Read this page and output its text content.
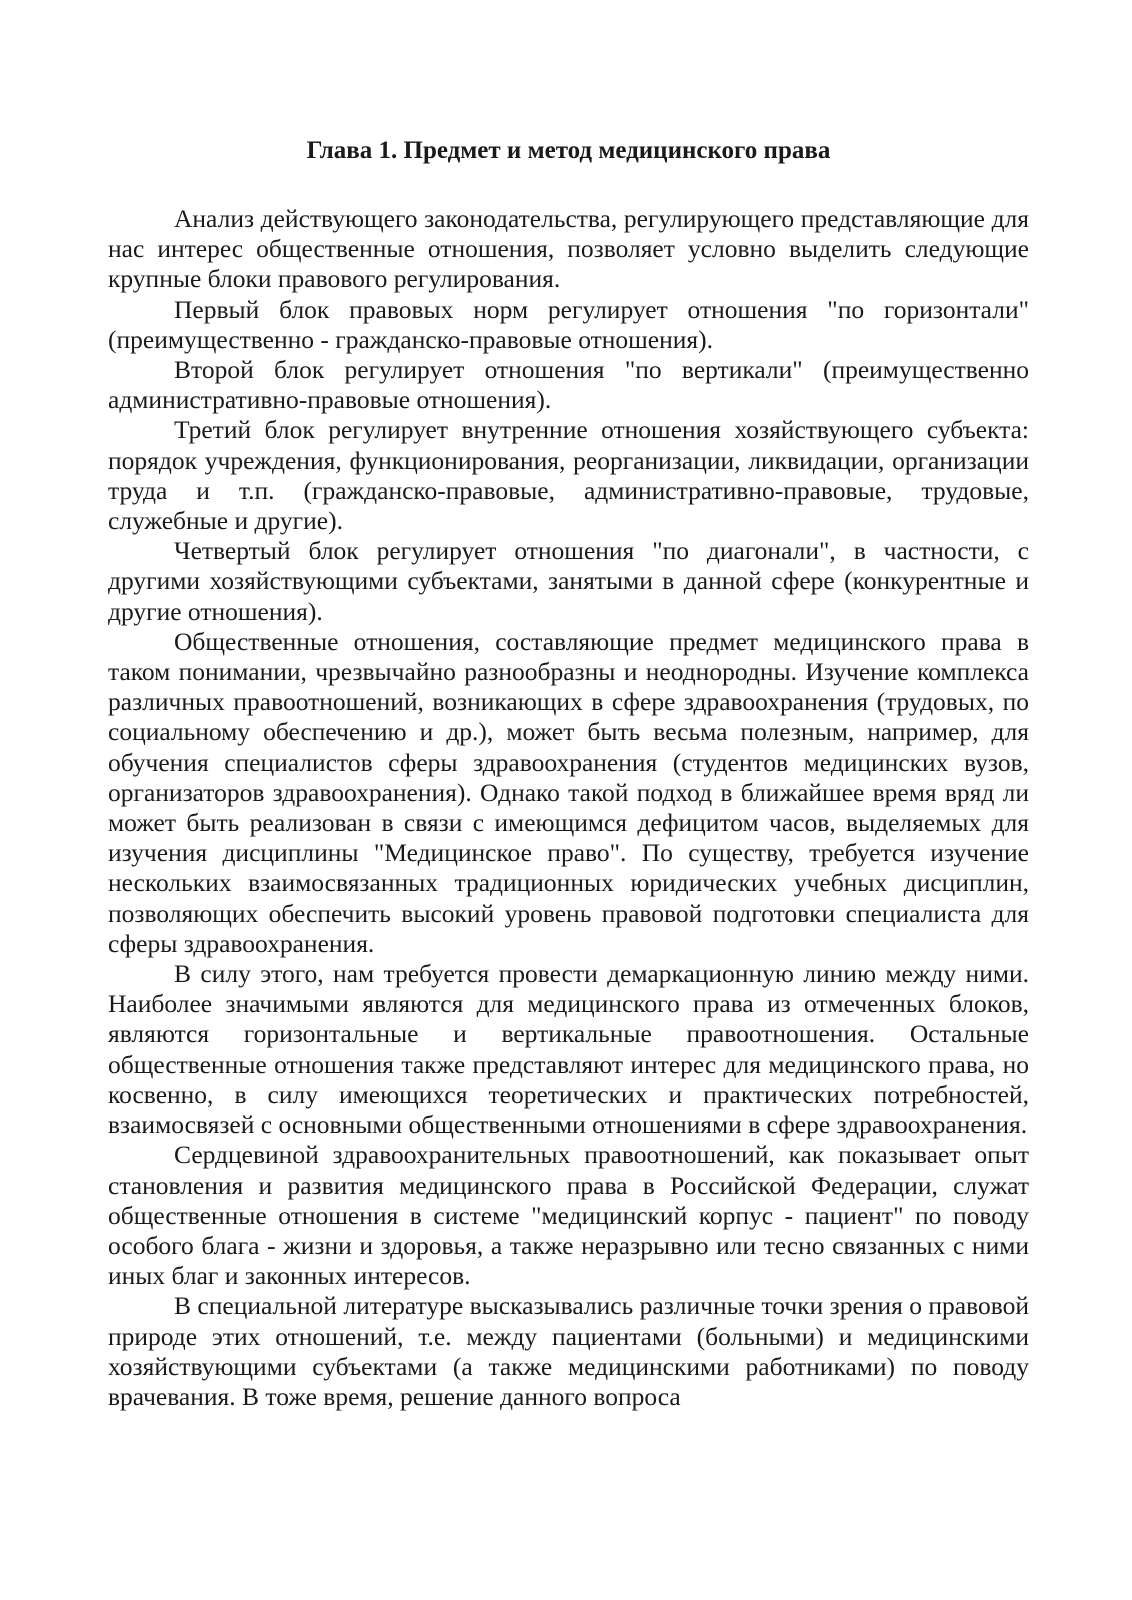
Глава 1. Предмет и метод медицинского права

Анализ действующего законодательства, регулирующего представляющие для нас интерес общественные отношения, позволяет условно выделить следующие крупные блоки правового регулирования.

Первый блок правовых норм регулирует отношения "по горизонтали" (преимущественно - гражданско-правовые отношения).

Второй блок регулирует отношения "по вертикали" (преимущественно административно-правовые отношения).

Третий блок регулирует внутренние отношения хозяйствующего субъекта: порядок учреждения, функционирования, реорганизации, ликвидации, организации труда и т.п. (гражданско-правовые, административно-правовые, трудовые, служебные и другие).

Четвертый блок регулирует отношения "по диагонали", в частности, с другими хозяйствующими субъектами, занятыми в данной сфере (конкурентные и другие отношения).

Общественные отношения, составляющие предмет медицинского права в таком понимании, чрезвычайно разнообразны и неоднородны. Изучение комплекса различных правоотношений, возникающих в сфере здравоохранения (трудовых, по социальному обеспечению и др.), может быть весьма полезным, например, для обучения специалистов сферы здравоохранения (студентов медицинских вузов, организаторов здравоохранения). Однако такой подход в ближайшее время вряд ли может быть реализован в связи с имеющимся дефицитом часов, выделяемых для изучения дисциплины "Медицинское право". По существу, требуется изучение нескольких взаимосвязанных традиционных юридических учебных дисциплин, позволяющих обеспечить высокий уровень правовой подготовки специалиста для сферы здравоохранения.

В силу этого, нам требуется провести демаркационную линию между ними. Наиболее значимыми являются для медицинского права из отмеченных блоков, являются горизонтальные и вертикальные правоотношения. Остальные общественные отношения также представляют интерес для медицинского права, но косвенно, в силу имеющихся теоретических и практических потребностей, взаимосвязей с основными общественными отношениями в сфере здравоохранения.

Сердцевиной здравоохранительных правоотношений, как показывает опыт становления и развития медицинского права в Российской Федерации, служат общественные отношения в системе "медицинский корпус - пациент" по поводу особого блага - жизни и здоровья, а также неразрывно или тесно связанных с ними иных благ и законных интересов.

В специальной литературе высказывались различные точки зрения о правовой природе этих отношений, т.е. между пациентами (больными) и медицинскими хозяйствующими субъектами (а также медицинскими работниками) по поводу врачевания. В тоже время, решение данного вопроса
